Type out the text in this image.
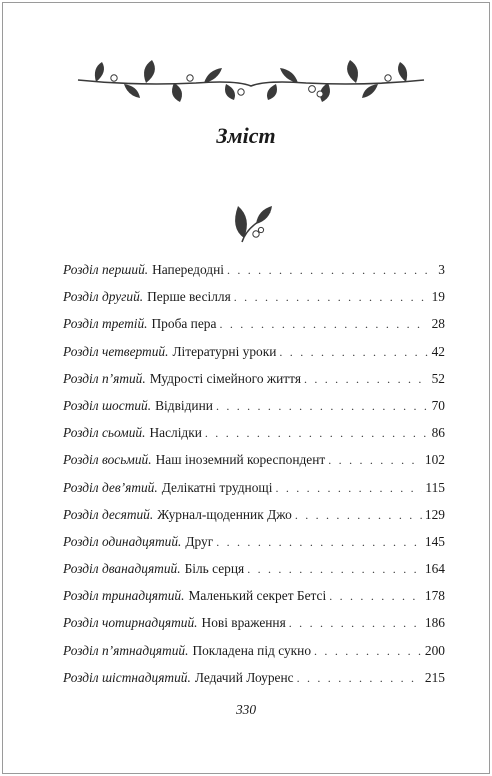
Зміст
Розділ перший. Напередодні . . .	3
Розділ другий. Перше весілля . . .	19
Розділ третій. Проба пера . . .	28
Розділ четвертий. Літературні уроки . . .	42
Розділ п’ятий. Мудрості сімейного життя . . .	52
Розділ шостий. Відвідини . . .	70
Розділ сьомий. Наслідки . . .	86
Розділ восьмий. Наш іноземний кореспондент . . .	102
Розділ дев’ятий. Делікатні труднощі . . .	115
Розділ десятий. Журнал-щоденник Джо . . .	129
Розділ одинадцятий. Друг . . .	145
Розділ дванадцятий. Біль серця . . .	164
Розділ тринадцятий. Маленький секрет Бетсі . . .	178
Розділ чотирнадцятий. Нові враження . . .	186
Розділ п’ятнадцятий. Покладена під сукно . . .	200
Розділ шістнадцятий. Ледачий Лоуренс . . .	215
330
